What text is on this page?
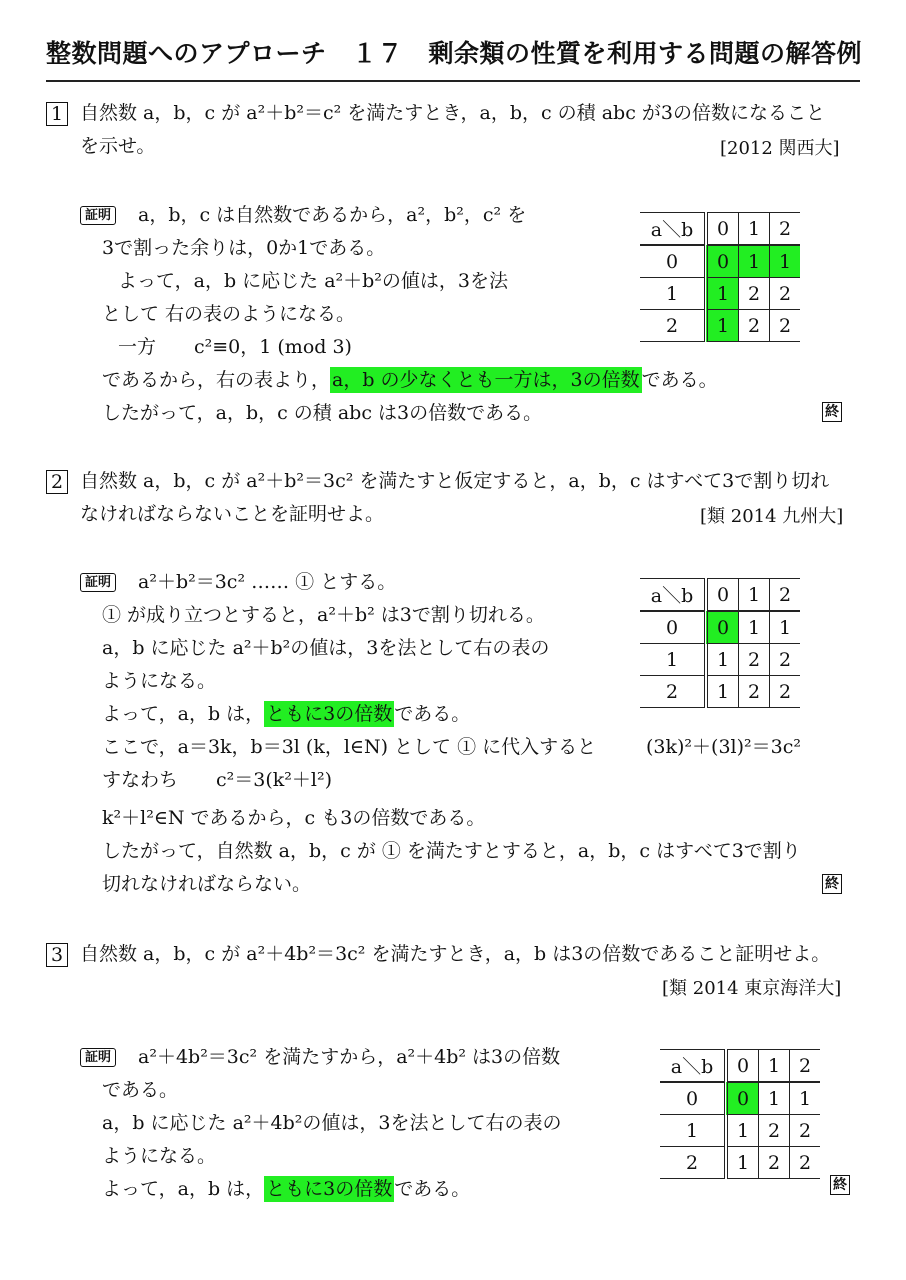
整数問題へのアプローチ　１７　剰余類の性質を利用する問題の解答例
1 自然数 a，b，c が a²＋b²＝c² を満たすとき，a，b，c の積 abc が3の倍数になること
を示せ。	[2012 関西大]
証明 a，b，c は自然数であるから，a²，b²，c² を
3で割った余りは，0か1である。
よって，a，b に応じた a²＋b²の値は，3を法
として 右の表のようになる。
一方　　c²≡0，1 (mod 3)
であるから，右の表より， a，b の少なくとも一方は，3の倍数 である。
したがって，a，b，c の積 abc は3の倍数である。	終
a＼b	0	1	2
0	0	1	1
1	1	2	2
2	1	2	2
2 自然数 a，b，c が a²＋b²＝3c² を満たすと仮定すると，a，b，c はすべて3で割り切れ
なければならないことを証明せよ。	[類 2014 九州大]
証明 a²＋b²＝3c² …… ① とする。
① が成り立つとすると，a²＋b² は3で割り切れる。
a，b に応じた a²＋b²の値は，3を法として右の表の
ようになる。
よって，a，b は， ともに3の倍数 である。
ここで，a＝3k，b＝3l (k，l∈N) として ① に代入すると	(3k)²＋(3l)²＝3c²
すなわち　　c²＝3(k²＋l²)
k²＋l²∈N であるから，c も3の倍数である。
したがって，自然数 a，b，c が ① を満たすとすると，a，b，c はすべて3で割り
切れなければならない。	終
a＼b	0	1	2
0	0	1	1
1	1	2	2
2	1	2	2
3 自然数 a，b，c が a²＋4b²＝3c² を満たすとき，a，b は3の倍数であること証明せよ。
[類 2014 東京海洋大]
証明 a²＋4b²＝3c² を満たすから，a²＋4b² は3の倍数
である。
a，b に応じた a²＋4b²の値は，3を法として右の表の
ようになる。
よって，a，b は， ともに3の倍数 である。	終
a＼b	0	1	2
0	0	1	1
1	1	2	2
2	1	2	2
